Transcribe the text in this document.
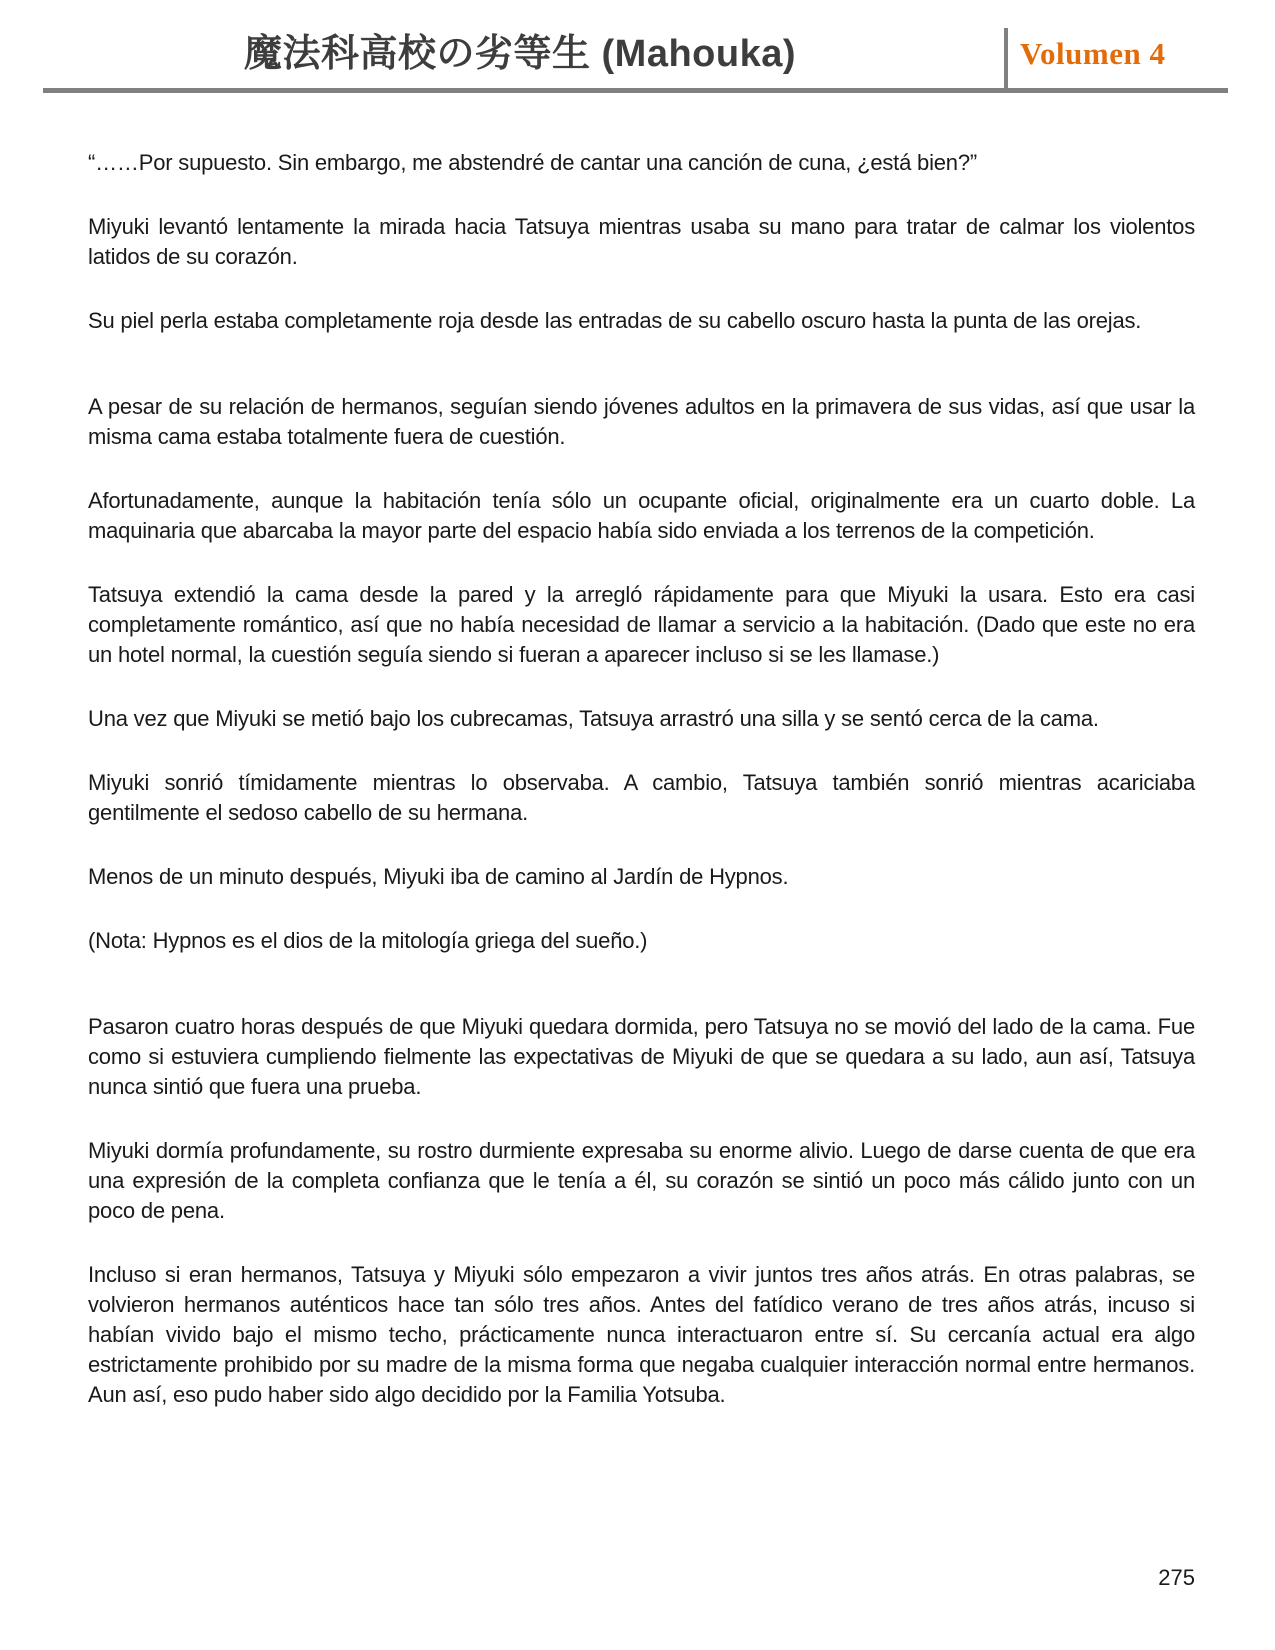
魔法科高校の劣等生 (Mahouka)	Volumen 4

“……Por supuesto. Sin embargo, me abstendré de cantar una canción de cuna, ¿está bien?”

Miyuki levantó lentamente la mirada hacia Tatsuya mientras usaba su mano para tratar de calmar los violentos latidos de su corazón.

Su piel perla estaba completamente roja desde las entradas de su cabello oscuro hasta la punta de las orejas.

A pesar de su relación de hermanos, seguían siendo jóvenes adultos en la primavera de sus vidas, así que usar la misma cama estaba totalmente fuera de cuestión.

Afortunadamente, aunque la habitación tenía sólo un ocupante oficial, originalmente era un cuarto doble. La maquinaria que abarcaba la mayor parte del espacio había sido enviada a los terrenos de la competición.

Tatsuya extendió la cama desde la pared y la arregló rápidamente para que Miyuki la usara. Esto era casi completamente romántico, así que no había necesidad de llamar a servicio a la habitación. (Dado que este no era un hotel normal, la cuestión seguía siendo si fueran a aparecer incluso si se les llamase.)

Una vez que Miyuki se metió bajo los cubrecamas, Tatsuya arrastró una silla y se sentó cerca de la cama.

Miyuki sonrió tímidamente mientras lo observaba. A cambio, Tatsuya también sonrió mientras acariciaba gentilmente el sedoso cabello de su hermana.

Menos de un minuto después, Miyuki iba de camino al Jardín de Hypnos.

(Nota: Hypnos es el dios de la mitología griega del sueño.)

Pasaron cuatro horas después de que Miyuki quedara dormida, pero Tatsuya no se movió del lado de la cama. Fue como si estuviera cumpliendo fielmente las expectativas de Miyuki de que se quedara a su lado, aun así, Tatsuya nunca sintió que fuera una prueba.

Miyuki dormía profundamente, su rostro durmiente expresaba su enorme alivio. Luego de darse cuenta de que era una expresión de la completa confianza que le tenía a él, su corazón se sintió un poco más cálido junto con un poco de pena.

Incluso si eran hermanos, Tatsuya y Miyuki sólo empezaron a vivir juntos tres años atrás. En otras palabras, se volvieron hermanos auténticos hace tan sólo tres años. Antes del fatídico verano de tres años atrás, incuso si habían vivido bajo el mismo techo, prácticamente nunca interactuaron entre sí. Su cercanía actual era algo estrictamente prohibido por su madre de la misma forma que negaba cualquier interacción normal entre hermanos. Aun así, eso pudo haber sido algo decidido por la Familia Yotsuba.

275
